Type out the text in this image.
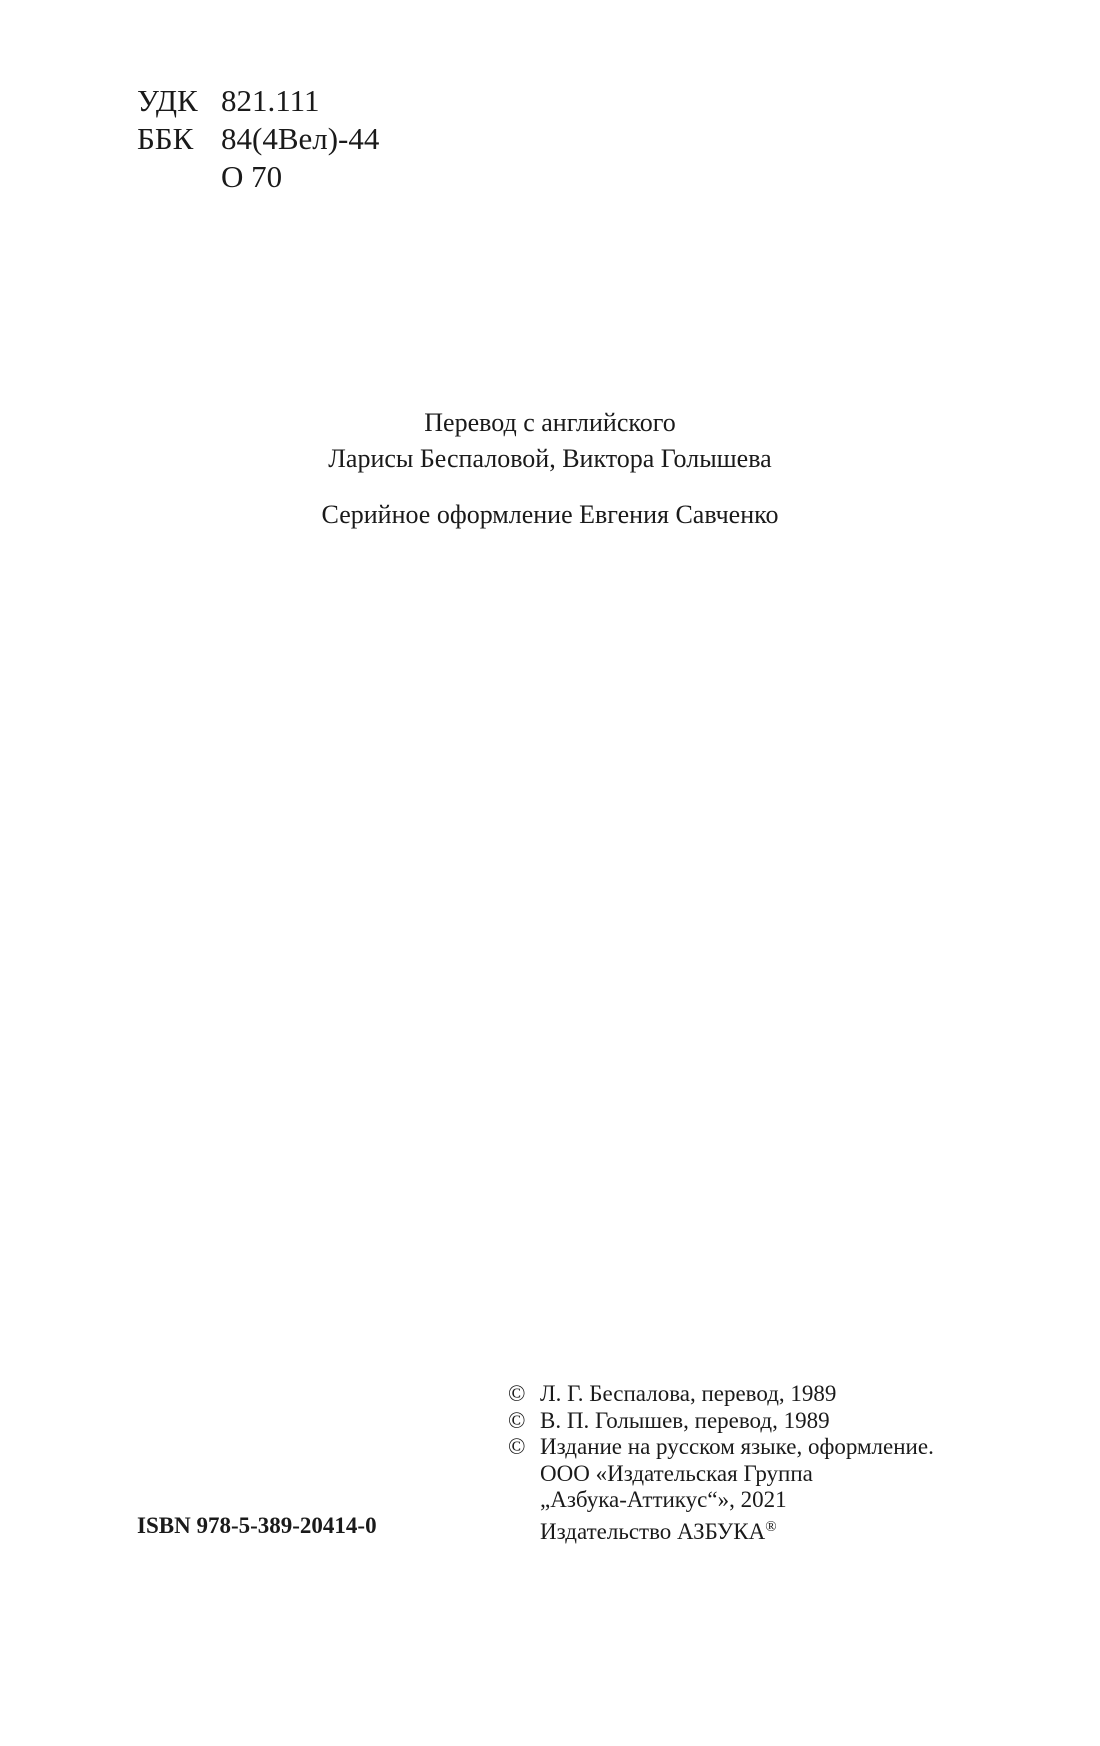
УДК 821.111
ББК 84(4Вел)-44
О 70
Перевод с английского
Ларисы Беспаловой, Виктора Голышева
Серийное оформление Евгения Савченко
ISBN 978-5-389-20414-0
© Л. Г. Беспалова, перевод, 1989
© В. П. Голышев, перевод, 1989
© Издание на русском языке, оформление.
ООО «Издательская Группа
„Азбука-Аттикус“», 2021
Издательство АЗБУКА®
